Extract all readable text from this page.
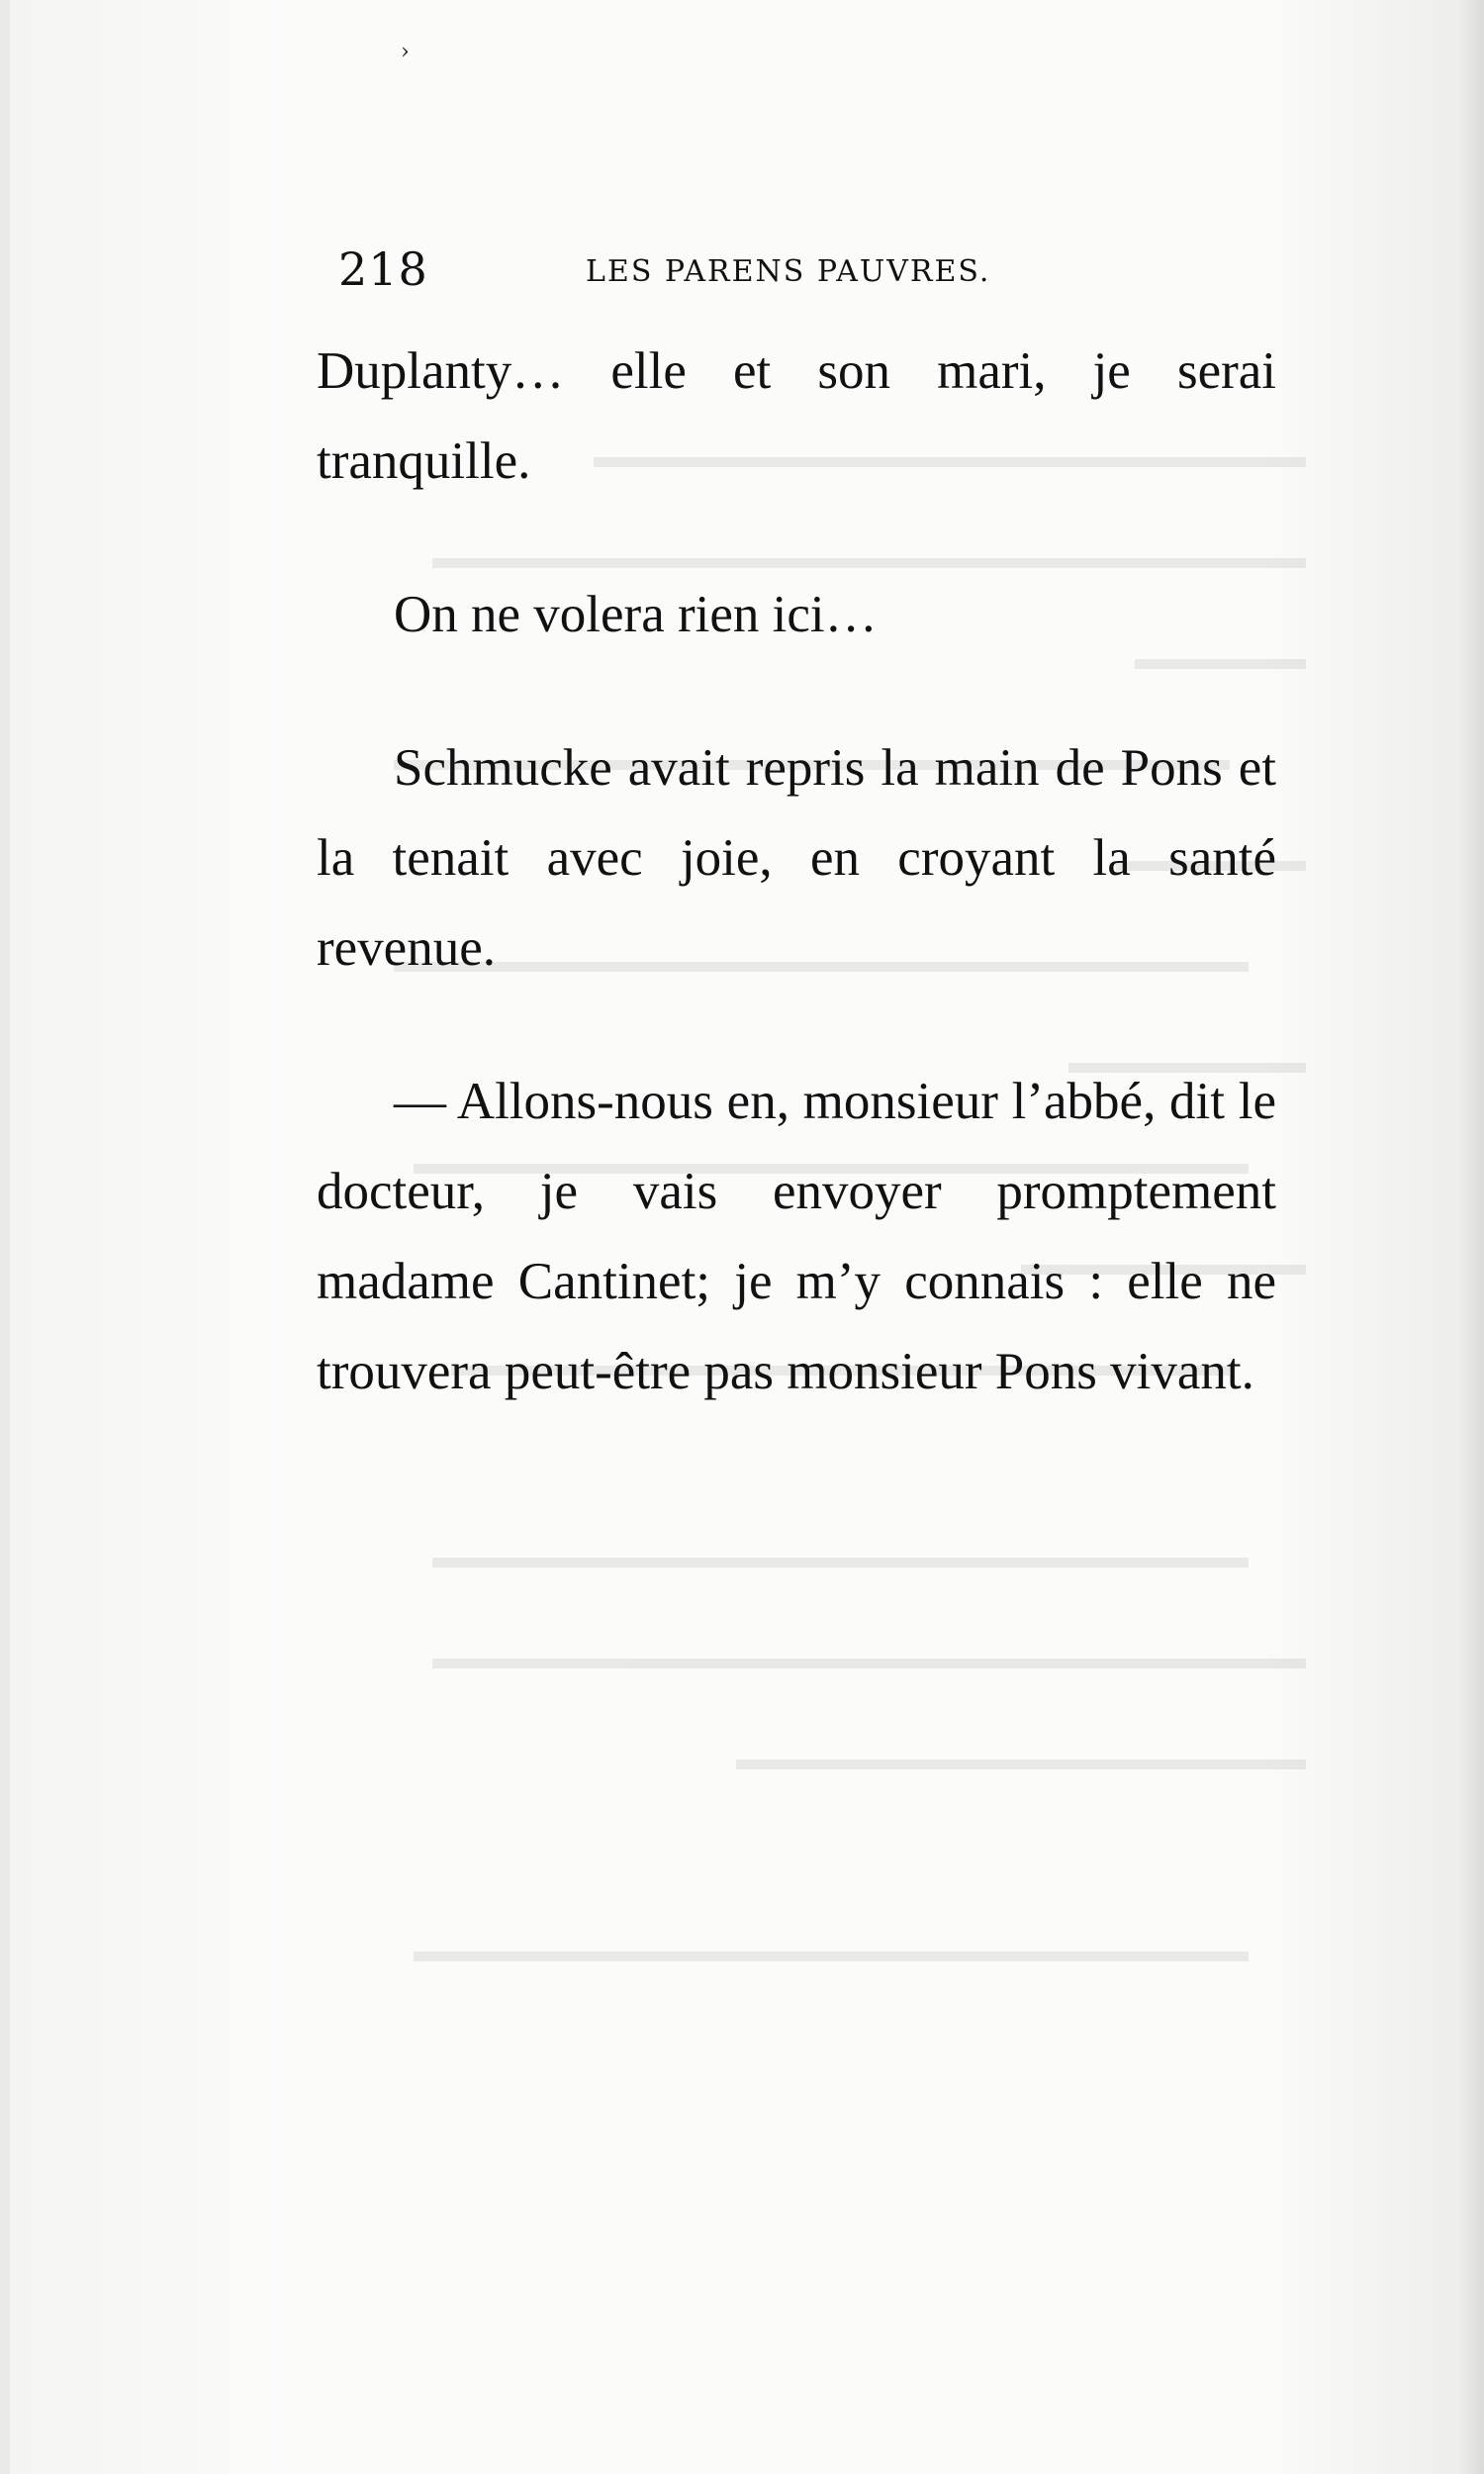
›
218	LES PARENS PAUVRES.

Duplanty… elle et son mari, je serai tranquille.

On ne volera rien ici…

Schmucke avait repris la main de Pons et la tenait avec joie, en croyant la santé revenue.

— Allons-nous en, monsieur l’abbé, dit le docteur, je vais envoyer promptement madame Cantinet; je m’y connais : elle ne trouvera peut-être pas monsieur Pons vivant.
